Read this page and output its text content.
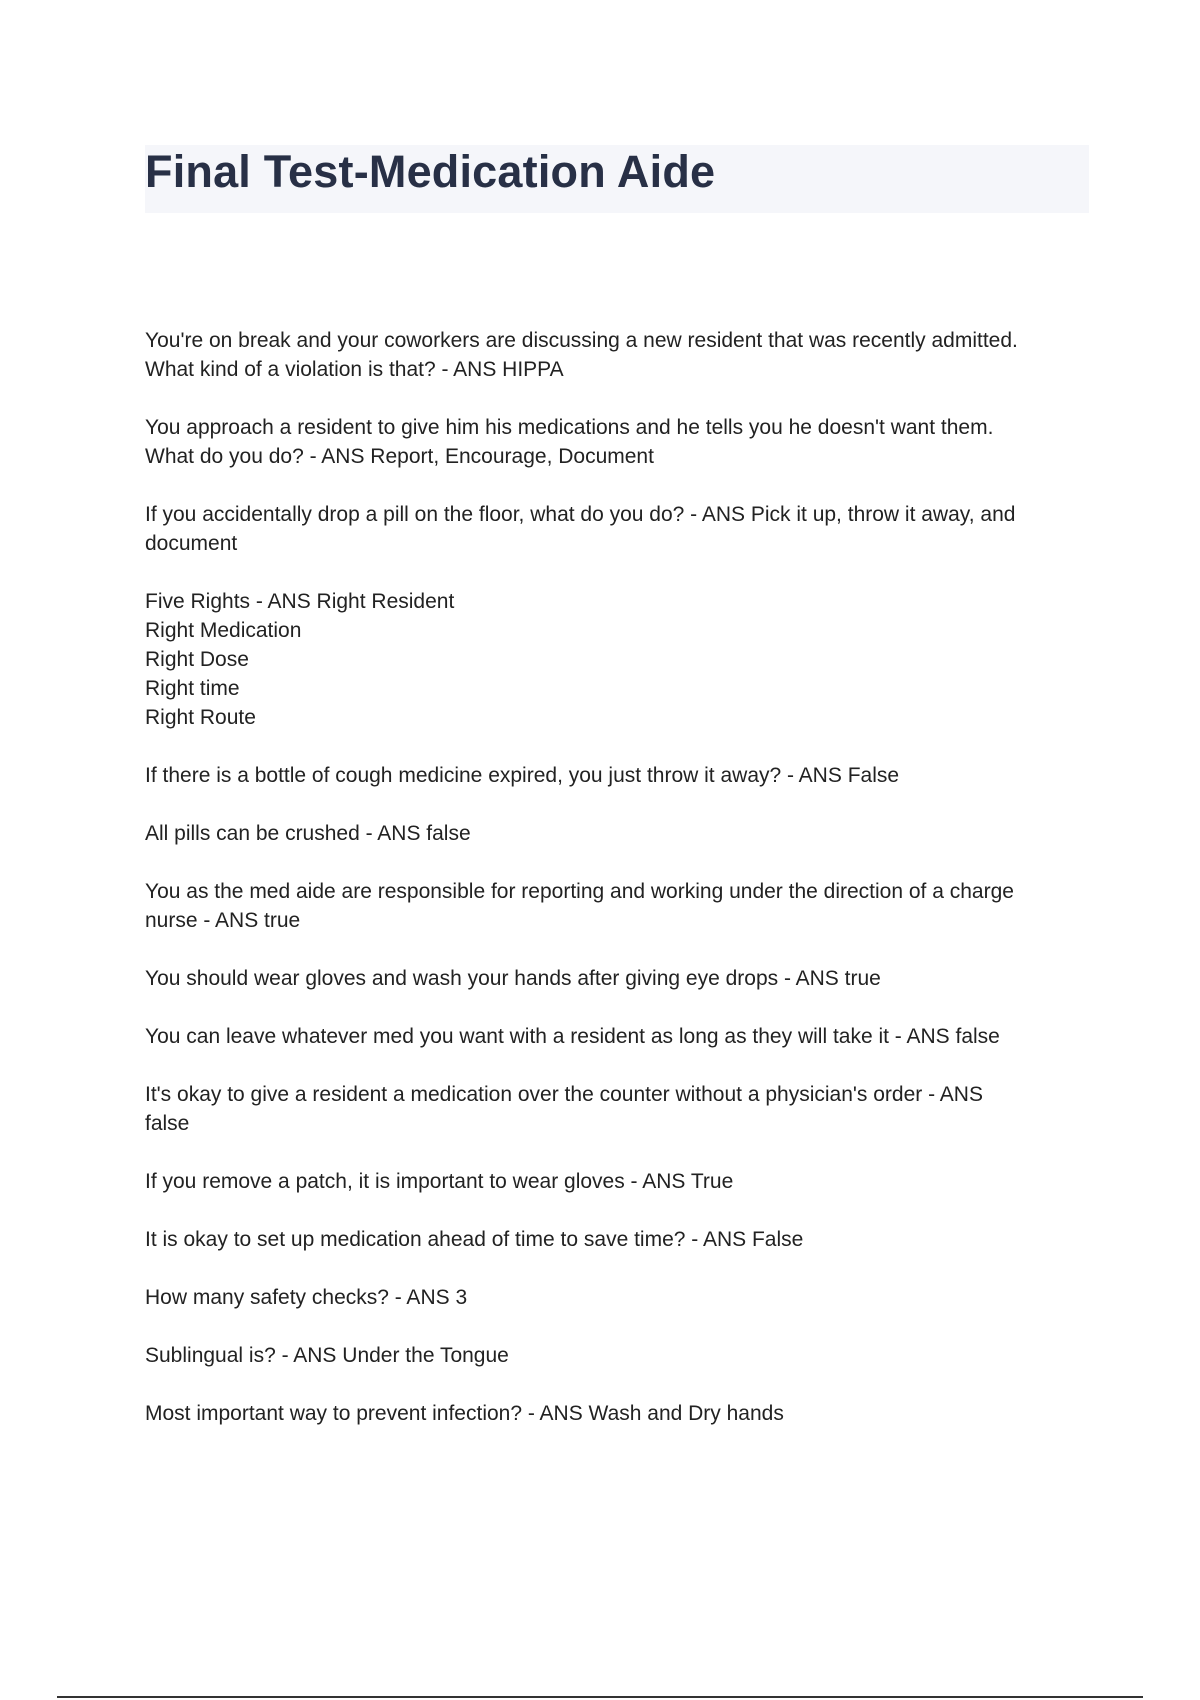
Final Test-Medication Aide
You're on break and your coworkers are discussing a new resident that was recently admitted.
What kind of a violation is that? - ANS HIPPA
You approach a resident to give him his medications and he tells you he doesn't want them.
What do you do? - ANS Report, Encourage, Document
If you accidentally drop a pill on the floor, what do you do? - ANS Pick it up, throw it away, and
document
Five Rights - ANS Right Resident
Right Medication
Right Dose
Right time
Right Route
If there is a bottle of cough medicine expired, you just throw it away? - ANS False
All pills can be crushed - ANS false
You as the med aide are responsible for reporting and working under the direction of a charge
nurse - ANS true
You should wear gloves and wash your hands after giving eye drops - ANS true
You can leave whatever med you want with a resident as long as they will take it - ANS false
It's okay to give a resident a medication over the counter without a physician's order - ANS
false
If you remove a patch, it is important to wear gloves - ANS True
It is okay to set up medication ahead of time to save time? - ANS False
How many safety checks? - ANS 3
Sublingual is? - ANS Under the Tongue
Most important way to prevent infection? - ANS Wash and Dry hands
